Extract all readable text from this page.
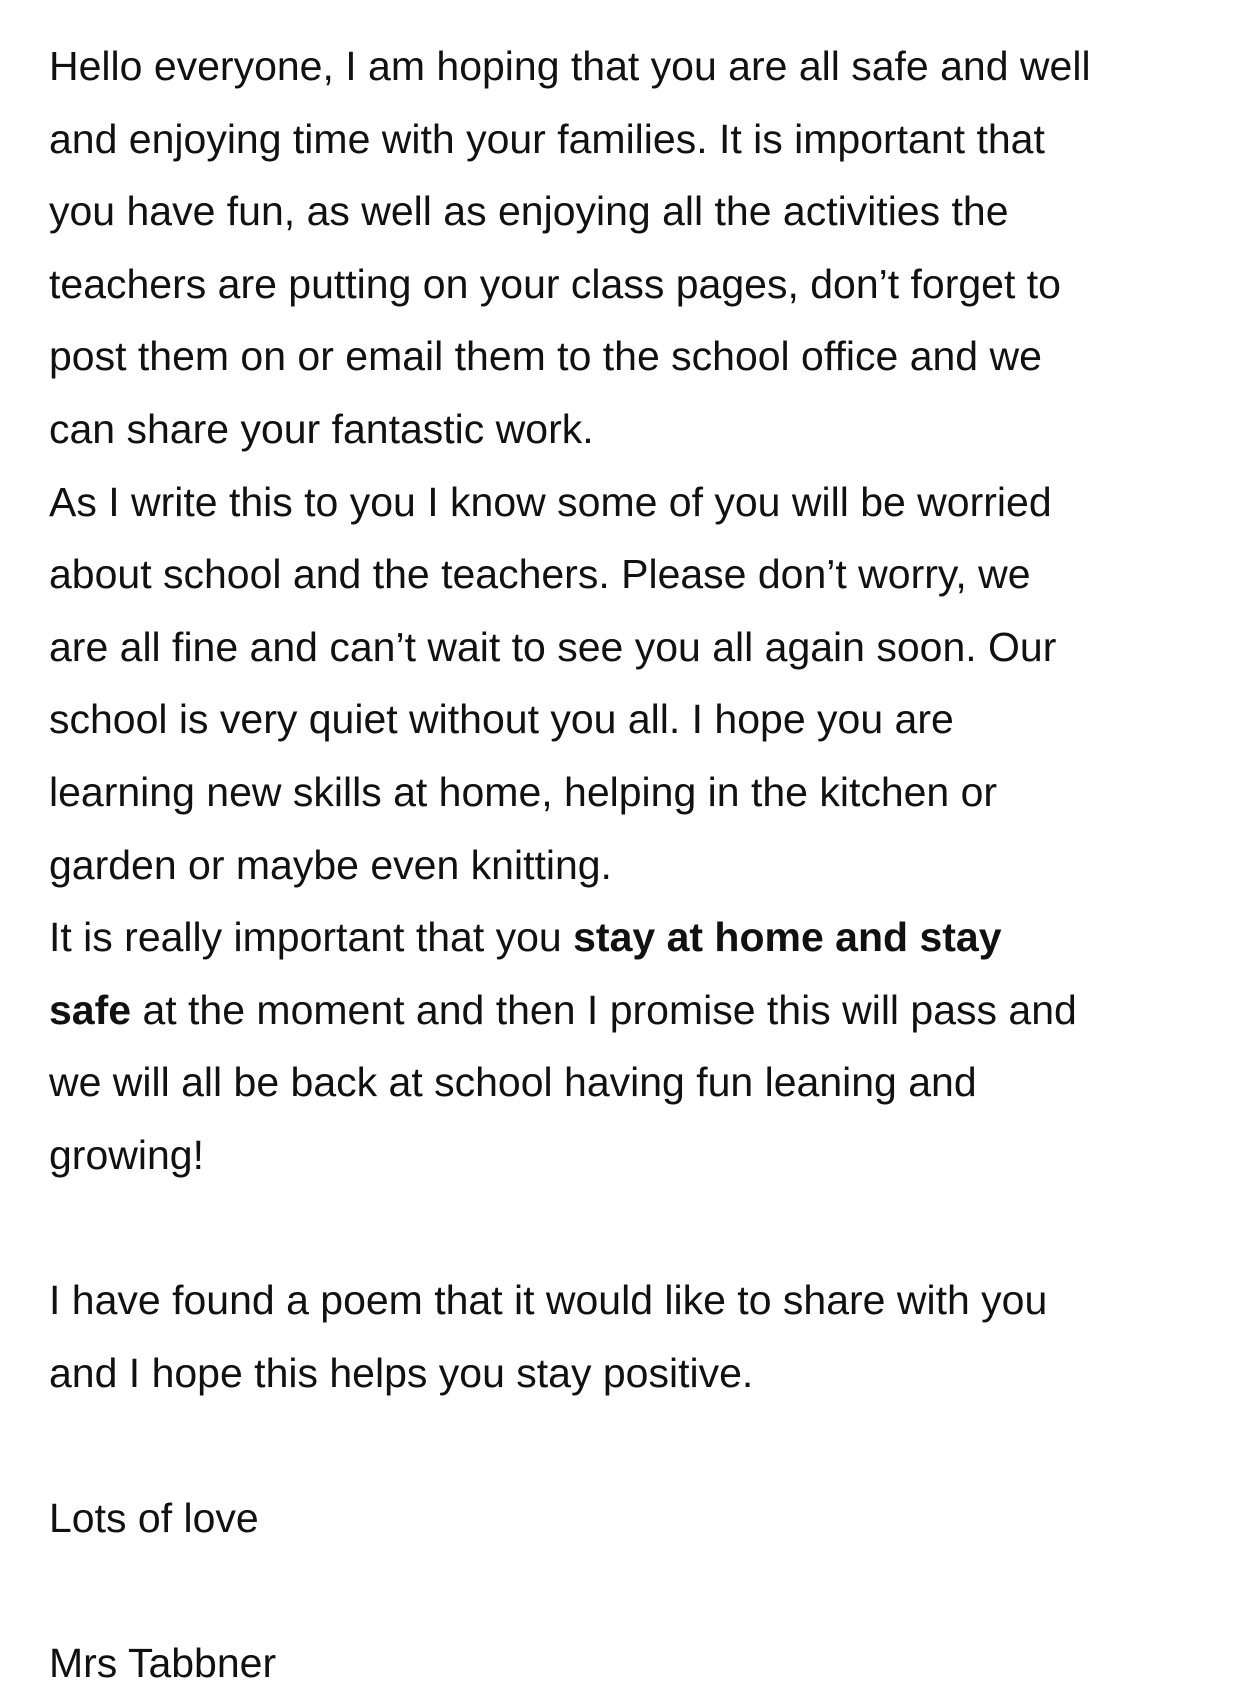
Hello everyone, I am hoping that you are all safe and well
and enjoying time with your families. It is important that
you have fun, as well as enjoying all the activities the
teachers are putting on your class pages, don’t forget to
post them on or email them to the school office and we
can share your fantastic work.

As I write this to you I know some of you will be worried
about school and the teachers. Please don’t worry, we
are all fine and can’t wait to see you all again soon. Our
school is very quiet without you all. I hope you are
learning new skills at home, helping in the kitchen or
garden or maybe even knitting.

It is really important that you stay at home and stay
safe at the moment and then I promise this will pass and
we will all be back at school having fun leaning and
growing!

I have found a poem that it would like to share with you
and I hope this helps you stay positive.

Lots of love

Mrs Tabbner
